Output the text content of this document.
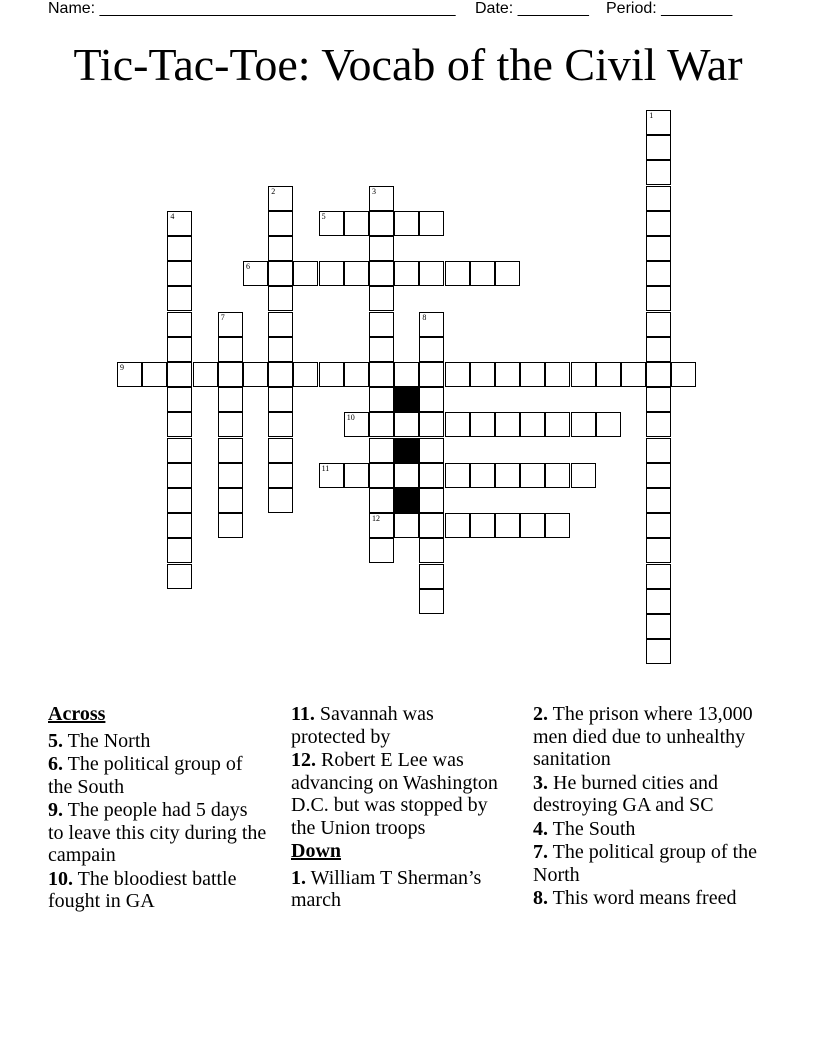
Name: ________________________________________ Date: ________ Period: ________
Tic-Tac-Toe: Vocab of the Civil War
1
2	3
12
4	5
6
7	8
9
10
11
Across
5. The North
6. The political group of the South
9. The people had 5 days to leave this city during the campain
10. The bloodiest battle fought in GA
11. Savannah was protected by
12. Robert E Lee was advancing on Washington D.C. but was stopped by the Union troops
Down
1. William T Sherman’s march
2. The prison where 13,000 men died due to unhealthy sanitation
3. He burned cities and destroying GA and SC
4. The South
7. The political group of the North
8. This word means freed
